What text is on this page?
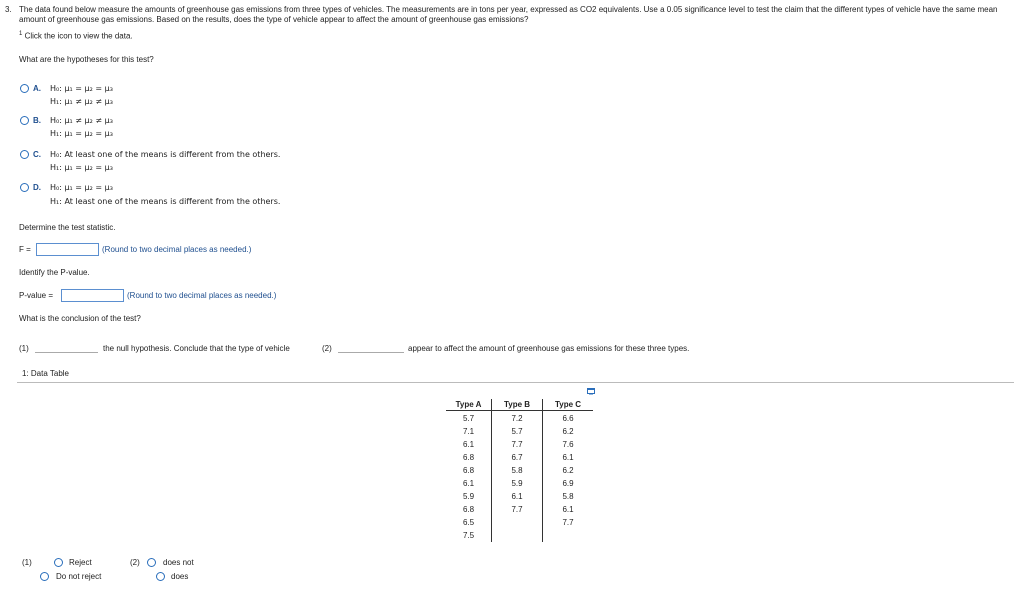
3. The data found below measure the amounts of greenhouse gas emissions from three types of vehicles. The measurements are in tons per year, expressed as CO2 equivalents. Use a 0.05 significance level to test the claim that the different types of vehicle have the same mean amount of greenhouse gas emissions. Based on the results, does the type of vehicle appear to affect the amount of greenhouse gas emissions?
$^1$ Click the icon to view the data.
What are the hypotheses for this test?
A. H₀: μ₁ = μ₂ = μ₃
H₁: μ₁ ≠ μ₂ ≠ μ₃
B. H₀: μ₁ ≠ μ₂ ≠ μ₃
H₁: μ₁ = μ₂ = μ₃
C. H₀: At least one of the means is different from the others.
H₁: μ₁ = μ₂ = μ₃
D. H₀: μ₁ = μ₂ = μ₃
H₁: At least one of the means is different from the others.
Determine the test statistic.
F =	(Round to two decimal places as needed.)
Identify the P-value.
P-value =	(Round to two decimal places as needed.)
What is the conclusion of the test?
(1)	the null hypothesis. Conclude that the type of vehicle	(2)	appear to affect the amount of greenhouse gas emissions for these three types.
1: Data Table
Type A	Type B	Type C
5.7	7.2	6.6
7.1	5.7	6.2
6.1	7.7	7.6
6.8	6.7	6.1
6.8	5.8	6.2
6.1	5.9	6.9
5.9	6.1	5.8
6.8	7.7	6.1
6.5		7.7
7.5		
(1)	Reject
Do not reject
(2)	does not
does
